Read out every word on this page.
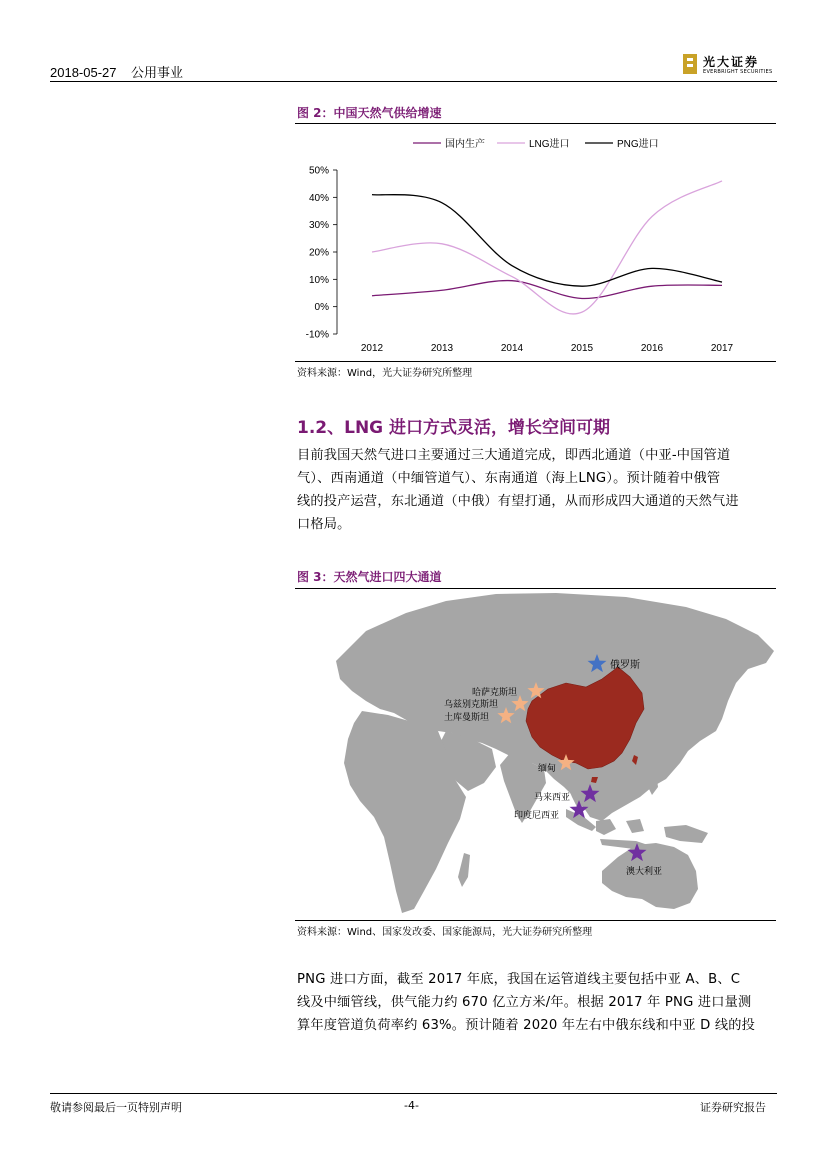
2018-05-27 公用事业
光大证券
EVERBRIGHT SECURITIES
图 2：中国天然气供给增速
国内生产	LNG进口	PNG进口
50%
40%
30%
20%
10%
0%
-10%
2012	2013	2014	2015	2016	2017
资料来源：Wind，光大证券研究所整理
1.2、LNG 进口方式灵活，增长空间可期
目前我国天然气进口主要通过三大通道完成，即西北通道（中亚-中国管道
气）、西南通道（中缅管道气）、东南通道（海上LNG）。预计随着中俄管
线的投产运营，东北通道（中俄）有望打通，从而形成四大通道的天然气进
口格局。
图 3：天然气进口四大通道
俄罗斯
哈萨克斯坦
乌兹别克斯坦
土库曼斯坦
缅甸
马来西亚
印度尼西亚
澳大利亚
资料来源：Wind、国家发改委、国家能源局，光大证券研究所整理
PNG 进口方面，截至 2017 年底，我国在运管道线主要包括中亚 A、B、C
线及中缅管线，供气能力约 670 亿立方米/年。根据 2017 年 PNG 进口量测
算年度管道负荷率约 63%。预计随着 2020 年左右中俄东线和中亚 D 线的投
敬请参阅最后一页特别声明	-4-	证券研究报告
